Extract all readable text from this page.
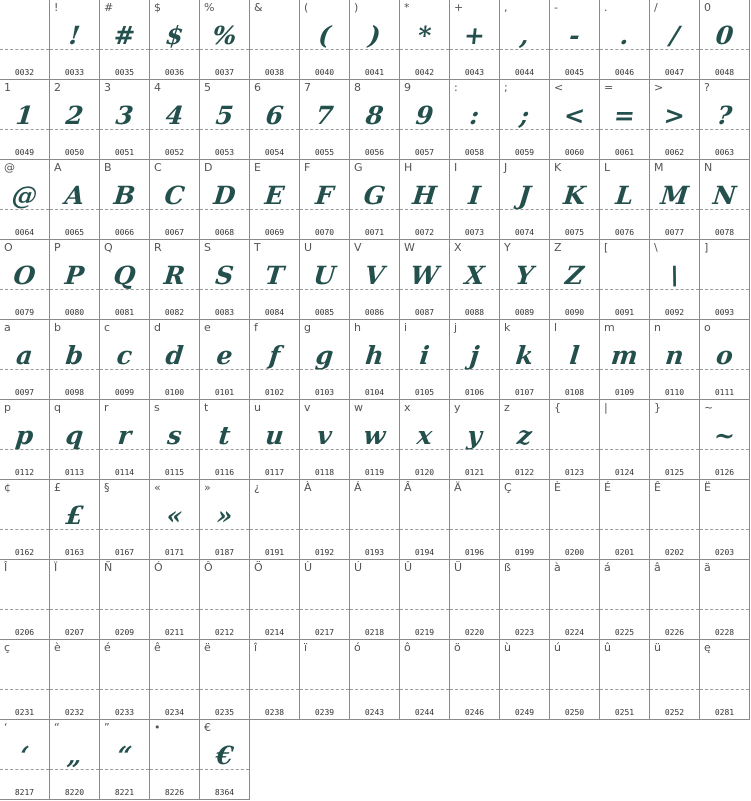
0032
!
!
0033
#
#
0035
$
$
0036
%
%
0037
&
0038
(
(
0040
)
)
0041
*
*
0042
+
+
0043
,
,
0044
-
-
0045
.
.
0046
/
/
0047
0
0
0048
1
1
0049
2
2
0050
3
3
0051
4
4
0052
5
5
0053
6
6
0054
7
7
0055
8
8
0056
9
9
0057
:
:
0058
;
;
0059
<
<
0060
=
=
0061
>
>
0062
?
?
0063
@
@
0064
A
A
0065
B
B
0066
C
C
0067
D
D
0068
E
E
0069
F
F
0070
G
G
0071
H
H
0072
I
I
0073
J
J
0074
K
K
0075
L
L
0076
M
M
0077
N
N
0078
O
O
0079
P
P
0080
Q
Q
0081
R
R
0082
S
S
0083
T
T
0084
U
U
0085
V
V
0086
W
W
0087
X
X
0088
Y
Y
0089
Z
Z
0090
[
0091
\
\
0092
]
0093
a
a
0097
b
b
0098
c
c
0099
d
d
0100
e
e
0101
f
f
0102
g
g
0103
h
h
0104
i
i
0105
j
j
0106
k
k
0107
l
l
0108
m
m
0109
n
n
0110
o
o
0111
p
p
0112
q
q
0113
r
r
0114
s
s
0115
t
t
0116
u
u
0117
v
v
0118
w
w
0119
x
x
0120
y
y
0121
z
z
0122
{
0123
|
0124
}
0125
~
~
0126
¢
0162
£
£
0163
§
0167
«
«
0171
»
»
0187
¿
0191
À
0192
Á
0193
Â
0194
Ä
0196
Ç
0199
È
0200
É
0201
Ê
0202
Ë
0203
Î
0206
Ï
0207
Ñ
0209
Ó
0211
Ô
0212
Ö
0214
Ù
0217
Ú
0218
Û
0219
Ü
0220
ß
0223
à
0224
á
0225
â
0226
ä
0228
ç
0231
è
0232
é
0233
ê
0234
ë
0235
î
0238
ï
0239
ó
0243
ô
0244
ö
0246
ù
0249
ú
0250
û
0251
ü
0252
ę
0281
‘
‘
8217
“
„
8220
”
“
8221
•
8226
€
€
8364
